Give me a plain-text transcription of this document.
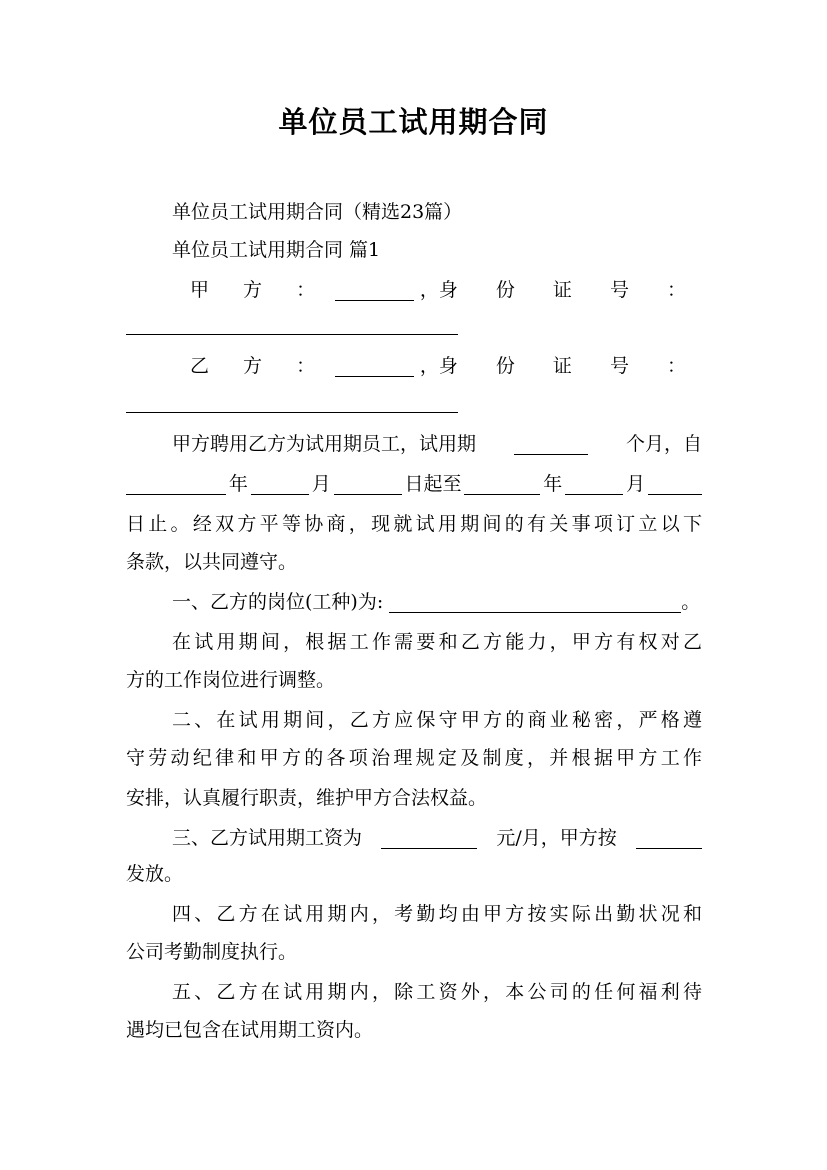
单位员工试用期合同
单位员工试用期合同（精选23篇）
单位员工试用期合同 篇1
甲 方 ：	， 身 份 证 号 ：
乙 方 ：	， 身 份 证 号 ：
甲方聘用乙方为试用期员工，试用期	个月，自
年	月	日起至	年	月
日止。经双方平等协商，现就试用期间的有关事项订立以下
条款，以共同遵守。
一、乙方的岗位(工种)为:	。
在试用期间，根据工作需要和乙方能力，甲方有权对乙
方的工作岗位进行调整。
二、在试用期间，乙方应保守甲方的商业秘密，严格遵
守劳动纪律和甲方的各项治理规定及制度，并根据甲方工作
安排，认真履行职责，维护甲方合法权益。
三、乙方试用期工资为	元/月，甲方按
发放。
四、乙方在试用期内，考勤均由甲方按实际出勤状况和
公司考勤制度执行。
五、乙方在试用期内，除工资外，本公司的任何福利待
遇均已包含在试用期工资内。
